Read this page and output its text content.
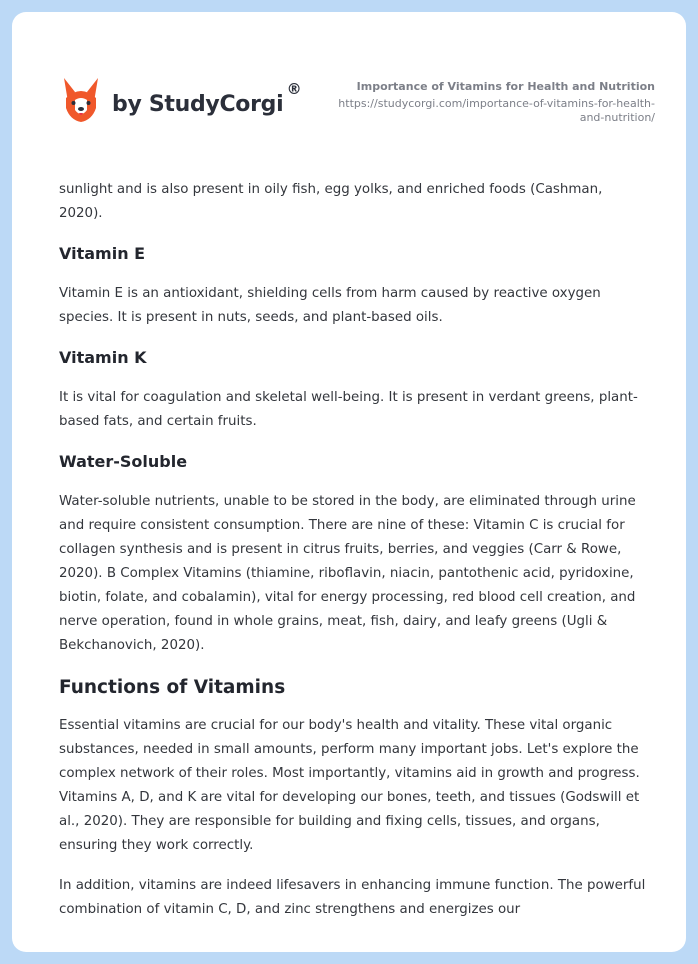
by StudyCorgi
®	Importance of Vitamins for Health and Nutrition
https://studycorgi.com/importance-of-vitamins-for-health-and-nutrition/

sunlight and is also present in oily fish, egg yolks, and enriched foods (Cashman, 2020).

Vitamin E

Vitamin E is an antioxidant, shielding cells from harm caused by reactive oxygen species. It is present in nuts, seeds, and plant-based oils.

Vitamin K

It is vital for coagulation and skeletal well-being. It is present in verdant greens, plant-based fats, and certain fruits.

Water-Soluble

Water-soluble nutrients, unable to be stored in the body, are eliminated through urine and require consistent consumption. There are nine of these: Vitamin C is crucial for collagen synthesis and is present in citrus fruits, berries, and veggies (Carr & Rowe, 2020). B Complex Vitamins (thiamine, riboflavin, niacin, pantothenic acid, pyridoxine, biotin, folate, and cobalamin), vital for energy processing, red blood cell creation, and nerve operation, found in whole grains, meat, fish, dairy, and leafy greens (Ugli & Bekchanovich, 2020).

Functions of Vitamins

Essential vitamins are crucial for our body's health and vitality. These vital organic substances, needed in small amounts, perform many important jobs. Let's explore the complex network of their roles. Most importantly, vitamins aid in growth and progress. Vitamins A, D, and K are vital for developing our bones, teeth, and tissues (Godswill et al., 2020). They are responsible for building and fixing cells, tissues, and organs, ensuring they work correctly.

In addition, vitamins are indeed lifesavers in enhancing immune function. The powerful combination of vitamin C, D, and zinc strengthens and energizes our
